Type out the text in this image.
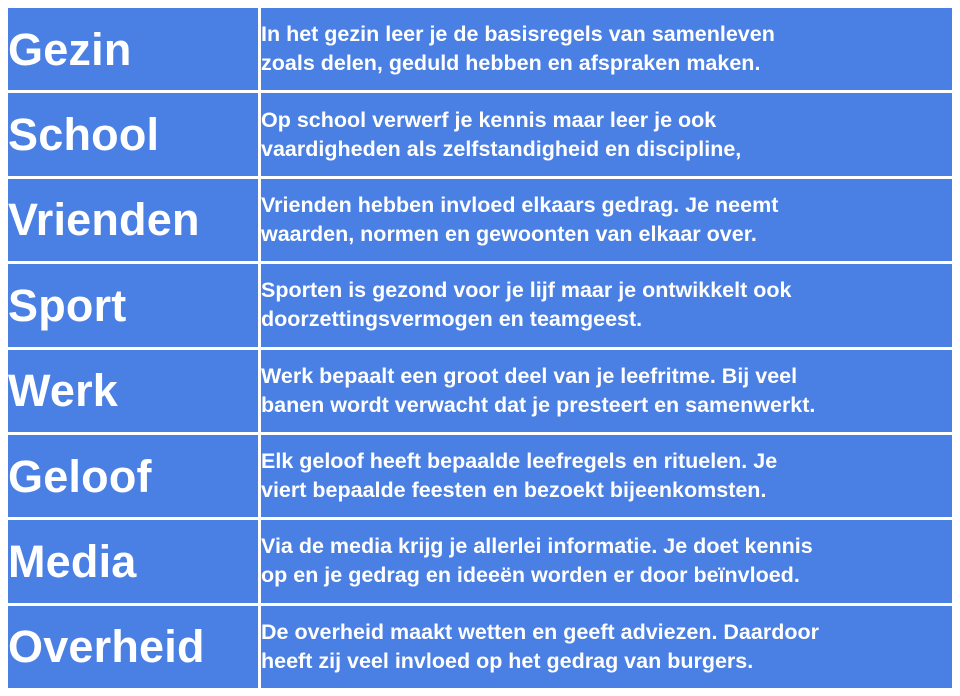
Gezin	In het gezin leer je de basisregels van samenleven
zoals delen, geduld hebben en afspraken maken.

School	Op school verwerf je kennis maar leer je ook
vaardigheden als zelfstandigheid en discipline,

Vrienden	Vrienden hebben invloed elkaars gedrag. Je neemt
waarden, normen en gewoonten van elkaar over.

Sport	Sporten is gezond voor je lijf maar je ontwikkelt ook
doorzettingsvermogen en teamgeest.

Werk	Werk bepaalt een groot deel van je leefritme. Bij veel
banen wordt verwacht dat je presteert en samenwerkt.

Geloof	Elk geloof heeft bepaalde leefregels en rituelen. Je
viert bepaalde feesten en bezoekt bijeenkomsten.

Media	Via de media krijg je allerlei informatie. Je doet kennis
op en je gedrag en ideeën worden er door beïnvloed.

Overheid	De overheid maakt wetten en geeft adviezen. Daardoor
heeft zij veel invloed op het gedrag van burgers.
